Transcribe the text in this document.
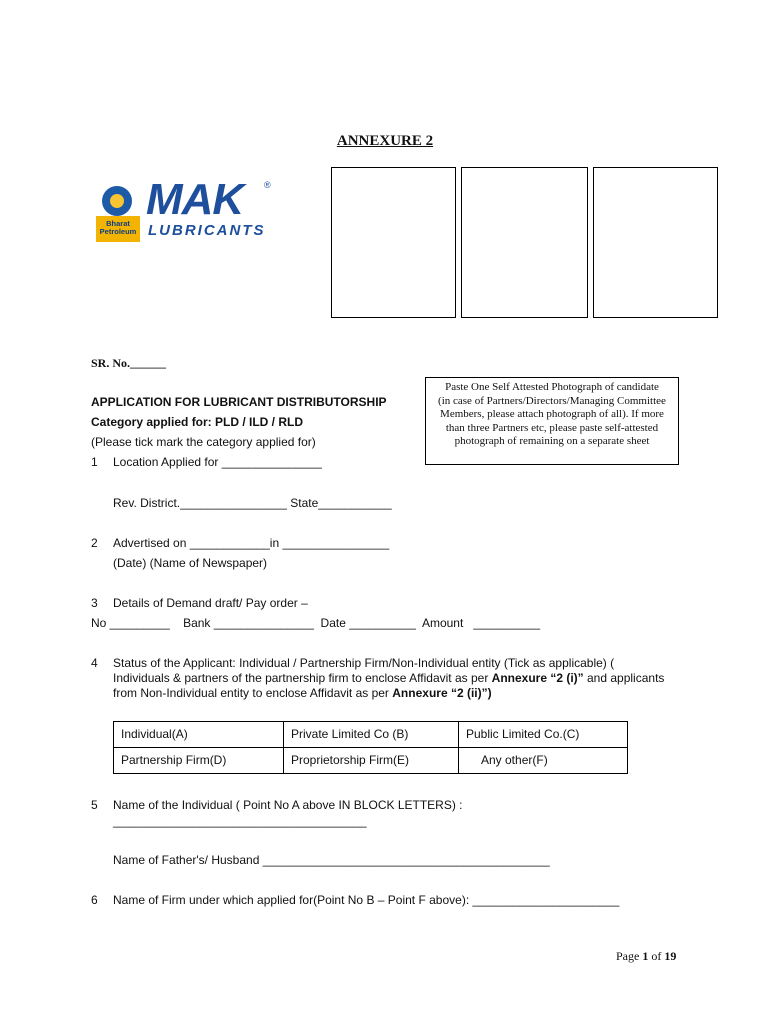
ANNEXURE 2
Bharat
Petroleum
MAK ®
LUBRICANTS
SR. No.______
Paste One Self Attested Photograph of candidate
(in case of Partners/Directors/Managing Committee
Members, please attach photograph of all). If more
than three Partners etc, please paste self-attested
photograph of remaining on a separate sheet
APPLICATION FOR LUBRICANT DISTRIBUTORSHIP
Category applied for: PLD / ILD / RLD
(Please tick mark the category applied for)
1 Location Applied for _______________
Rev. District.________________ State___________
2 Advertised on ____________in ________________
(Date) (Name of Newspaper)
3 Details of Demand draft/ Pay order –
No _________    Bank _______________  Date __________  Amount   __________
4 Status of the Applicant: Individual / Partnership Firm/Non-Individual entity (Tick as applicable) (
Individuals & partners of the partnership firm to enclose Affidavit as per Annexure “2 (i)” and applicants
from Non-Individual entity to enclose Affidavit as per Annexure “2 (ii)”)
Individual(A)	Private Limited Co (B)	Public Limited Co.(C)
Partnership Firm(D)	Proprietorship Firm(E)	Any other(F)
5 Name of the Individual ( Point No A above IN BLOCK LETTERS) :
______________________________________
Name of Father's/ Husband ___________________________________________
6 Name of Firm under which applied for(Point No B – Point F above): ______________________
Page 1 of 19
